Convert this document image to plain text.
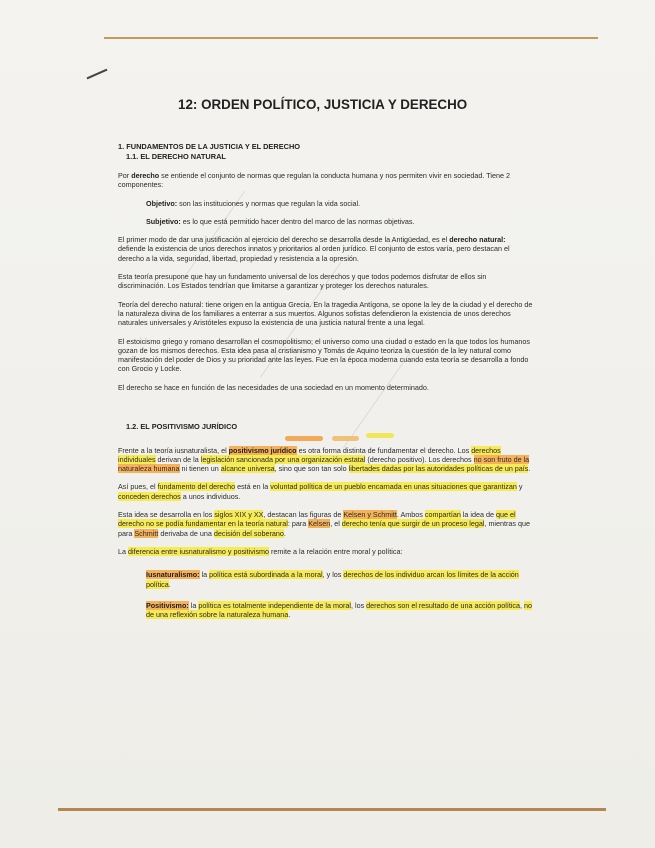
12: ORDEN POLÍTICO, JUSTICIA Y DERECHO
1. FUNDAMENTOS DE LA JUSTICIA Y EL DERECHO
1.1. EL DERECHO NATURAL

Por derecho se entiende el conjunto de normas que regulan la conducta humana y nos permiten vivir en sociedad. Tiene 2 componentes:

Objetivo: son las instituciones y normas que regulan la vida social.

Subjetivo: es lo que está permitido hacer dentro del marco de las normas objetivas.

El primer modo de dar una justificación al ejercicio del derecho se desarrolla desde la Antigüedad, es el derecho natural: defiende la existencia de unos derechos innatos y prioritarios al orden jurídico. El conjunto de estos varía, pero destacan el derecho a la vida, seguridad, libertad, propiedad y resistencia a la opresión.

Esta teoría presupone que hay un fundamento universal de los derechos y que todos podemos disfrutar de ellos sin discriminación. Los Estados tendrían que limitarse a garantizar y proteger los derechos naturales.

Teoría del derecho natural: tiene origen en la antigua Grecia. En la tragedia Antígona, se opone la ley de la ciudad y el derecho de la naturaleza divina de los familiares a enterrar a sus muertos. Algunos sofistas defendieron la existencia de unos derechos naturales universales y Aristóteles expuso la existencia de una justicia natural frente a una legal.

El estoicismo griego y romano desarrollan el cosmopolitismo; el universo como una ciudad o estado en la que todos los humanos gozan de los mismos derechos. Esta idea pasa al cristianismo y Tomás de Aquino teoriza la cuestión de la ley natural como manifestación del poder de Dios y su prioridad ante las leyes. Fue en la época moderna cuando esta teoría se desarrolla a fondo con Grocio y Locke.

El derecho se hace en función de las necesidades de una sociedad en un momento determinado.

1.2. EL POSITIVISMO JURÍDICO

Frente a la teoría iusnaturalista, el positivismo jurídico es otra forma distinta de fundamentar el derecho. Los derechos individuales derivan de la legislación sancionada por una organización estatal (derecho positivo). Los derechos no son fruto de la naturaleza humana ni tienen un alcance universa, sino que son tan solo libertades dadas por las autoridades políticas de un país.

Así pues, el fundamento del derecho está en la voluntad política de un pueblo encarnada en unas situaciones que garantizan y conceden derechos a unos individuos.

Esta idea se desarrolla en los siglos XIX y XX, destacan las figuras de Kelsen y Schmitt. Ambos compartían la idea de que el derecho no se podía fundamentar en la teoría natural: para Kelsen, el derecho tenía que surgir de un proceso legal, mientras que para Schmitt derivaba de una decisión del soberano.

La diferencia entre iusnaturalismo y positivismo remite a la relación entre moral y política:

Iusnaturalismo: la política está subordinada a la moral, y los derechos de los individuo arcan los límites de la acción política.

Positivismo: la política es totalmente independiente de la moral, los derechos son el resultado de una acción política, no de una reflexión sobre la naturaleza humana.
